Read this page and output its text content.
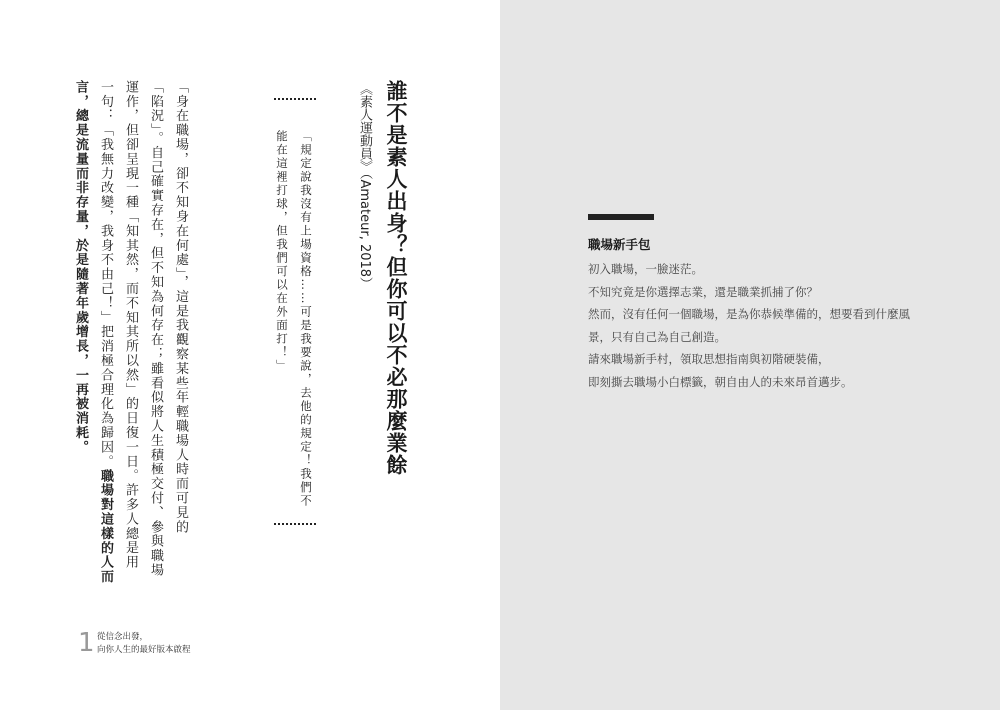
誰不是素人出身？但你可以不必那麼業餘
《素人運動員》（Amateur, 2018）
「規定說我沒有上場資格……可是我要說，去他的規定！我們不
能在這裡打球，但我們可以在外面打！」
「身在職場，卻不知身在何處」，這是我觀察某些年輕職場人時而可見的
「陷況」。自己確實存在，但不知為何存在；雖看似將人生積極交付、參與職場
運作，但卻呈現一種「知其然，而不知其所以然」的日復一日。許多人總是用
一句：「我無力改變，我身不由己！」把消極合理化為歸因。職場對這樣的人而
言，總是流量而非存量，於是隨著年歲增長，一再被消耗。
1 從信念出發，
向你人生的最好版本啟程
職場新手包
初入職場，一臉迷茫。
不知究竟是你選擇志業，還是職業抓捕了你？
然而，沒有任何一個職場，是為你恭候準備的，想要看到什麼風
景，只有自己為自己創造。
請來職場新手村，領取思想指南與初階硬裝備，
即刻撕去職場小白標籤，朝自由人的未來昂首邁步。
